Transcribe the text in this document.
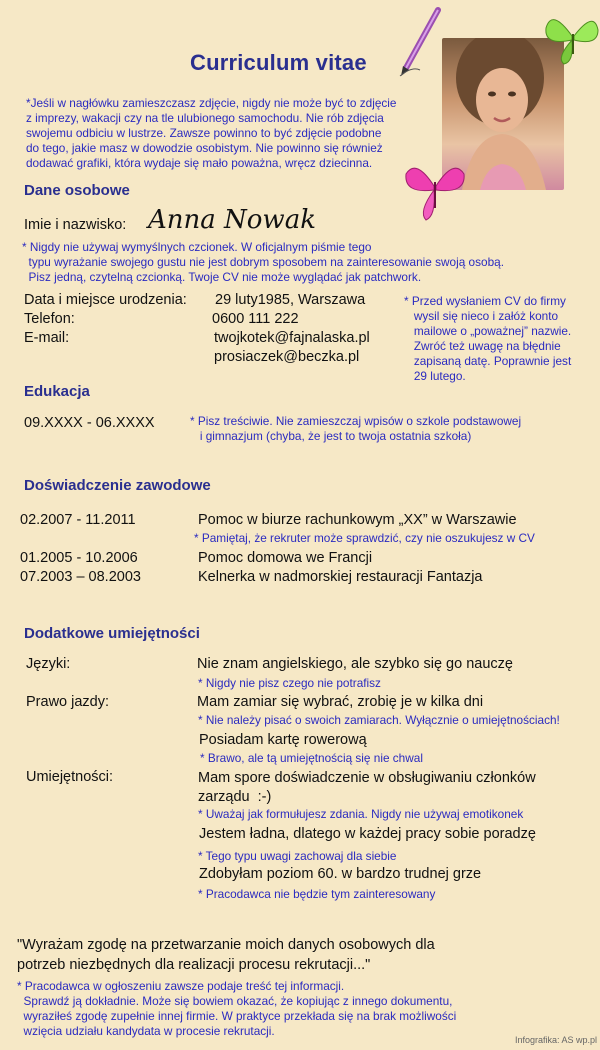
Curriculum vitae
*Jeśli w nagłówku zamieszczasz zdjęcie, nigdy nie może być to zdjęcie
z imprezy, wakacji czy na tle ulubionego samochodu. Nie rób zdjęcia
swojemu odbiciu w lustrze. Zawsze powinno to być zdjęcie podobne
do tego, jakie masz w dowodzie osobistym. Nie powinno się również
dodawać grafiki, która wydaje się mało poważna, wręcz dziecinna.
Dane osobowe
Imie i nazwisko: Anna Nowak
* Nigdy nie używaj wymyślnych czcionek. W oficjalnym piśmie tego
typu wyrażanie swojego gustu nie jest dobrym sposobem na zainteresowanie swoją osobą.
Pisz jedną, czytelną czcionką. Twoje CV nie może wyglądać jak patchwork.
Data i miejsce urodzenia: 29 luty1985, Warszawa
Telefon:	0600 111 222
E-mail:	twojkotek@fajnalaska.pl
prosiaczek@beczka.pl
* Przed wysłaniem CV do firmy
wysil się nieco i załóż konto
mailowe o „poważnej” nazwie.
Zwróć też uwagę na błędnie
zapisaną datę. Poprawnie jest
29 lutego.
Edukacja
09.XXXX - 06.XXXX	* Pisz treściwie. Nie zamieszczaj wpisów o szkole podstawowej
i gimnazjum (chyba, że jest to twoja ostatnia szkoła)
Doświadczenie zawodowe
02.2007 - 11.2011	Pomoc w biurze rachunkowym „XX” w Warszawie
* Pamiętaj, że rekruter może sprawdzić, czy nie oszukujesz w CV
01.2005 - 10.2006	Pomoc domowa we Francji
07.2003 – 08.2003	Kelnerka w nadmorskiej restauracji Fantazja
Dodatkowe umiejętności
Języki:	Nie znam angielskiego, ale szybko się go nauczę
* Nigdy nie pisz czego nie potrafisz
Prawo jazdy:	Mam zamiar się wybrać, zrobię je w kilka dni
* Nie należy pisać o swoich zamiarach. Wyłącznie o umiejętnościach!
Posiadam kartę rowerową
* Brawo, ale tą umiejętnością się nie chwal
Umiejętności:	Mam spore doświadczenie w obsługiwaniu członków
zarządu  :-)
* Uważaj jak formułujesz zdania. Nigdy nie używaj emotikonek
Jestem ładna, dlatego w każdej pracy sobie poradzę
* Tego typu uwagi zachowaj dla siebie
Zdobyłam poziom 60. w bardzo trudnej grze
* Pracodawca nie będzie tym zainteresowany
"Wyrażam zgodę na przetwarzanie moich danych osobowych dla
potrzeb niezbędnych dla realizacji procesu rekrutacji..."
* Pracodawca w ogłoszeniu zawsze podaje treść tej informacji.
Sprawdź ją dokładnie. Może się bowiem okazać, że kopiując z innego dokumentu,
wyraziłeś zgodę zupełnie innej firmie. W praktyce przekłada się na brak możliwości
wzięcia udziału kandydata w procesie rekrutacji.
Infografika: AS wp.pl
